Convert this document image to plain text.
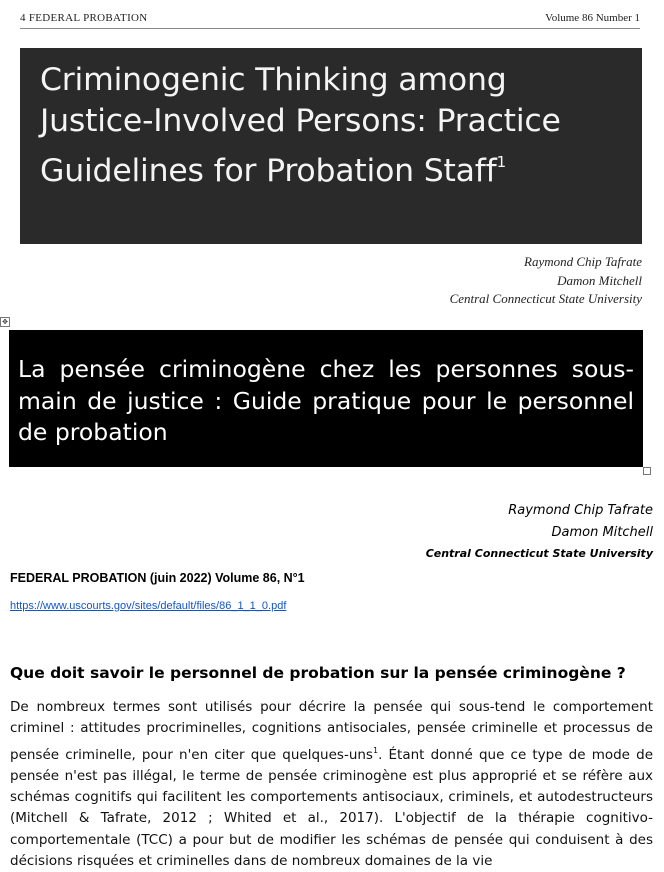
4 FEDERAL PROBATION	Volume 86 Number 1
Criminogenic Thinking among Justice-Involved Persons: Practice Guidelines for Probation Staff$^1$
Raymond Chip Tafrate
Damon Mitchell
Central Connecticut State University
✥
La pensée criminogène chez les personnes sous-main de justice : Guide pratique pour le personnel de probation
Raymond Chip Tafrate
Damon Mitchell
Central Connecticut State University
FEDERAL PROBATION (juin 2022) Volume 86, N°1
https://www.uscourts.gov/sites/default/files/86_1_1_0.pdf
Que doit savoir le personnel de probation sur la pensée criminogène ?
De nombreux termes sont utilisés pour décrire la pensée qui sous-tend le comportement criminel : attitudes procriminelles, cognitions antisociales, pensée criminelle et processus de pensée criminelle, pour n'en citer que quelques-uns$^1$. Étant donné que ce type de mode de pensée n'est pas illégal, le terme de pensée criminogène est plus approprié et se réfère aux schémas cognitifs qui facilitent les comportements antisociaux, criminels, et autodestructeurs (Mitchell & Tafrate, 2012 ; Whited et al., 2017). L'objectif de la thérapie cognitivo-comportementale (TCC) a pour but de modifier les schémas de pensée qui conduisent à des décisions risquées et criminelles dans de nombreux domaines de la vie
